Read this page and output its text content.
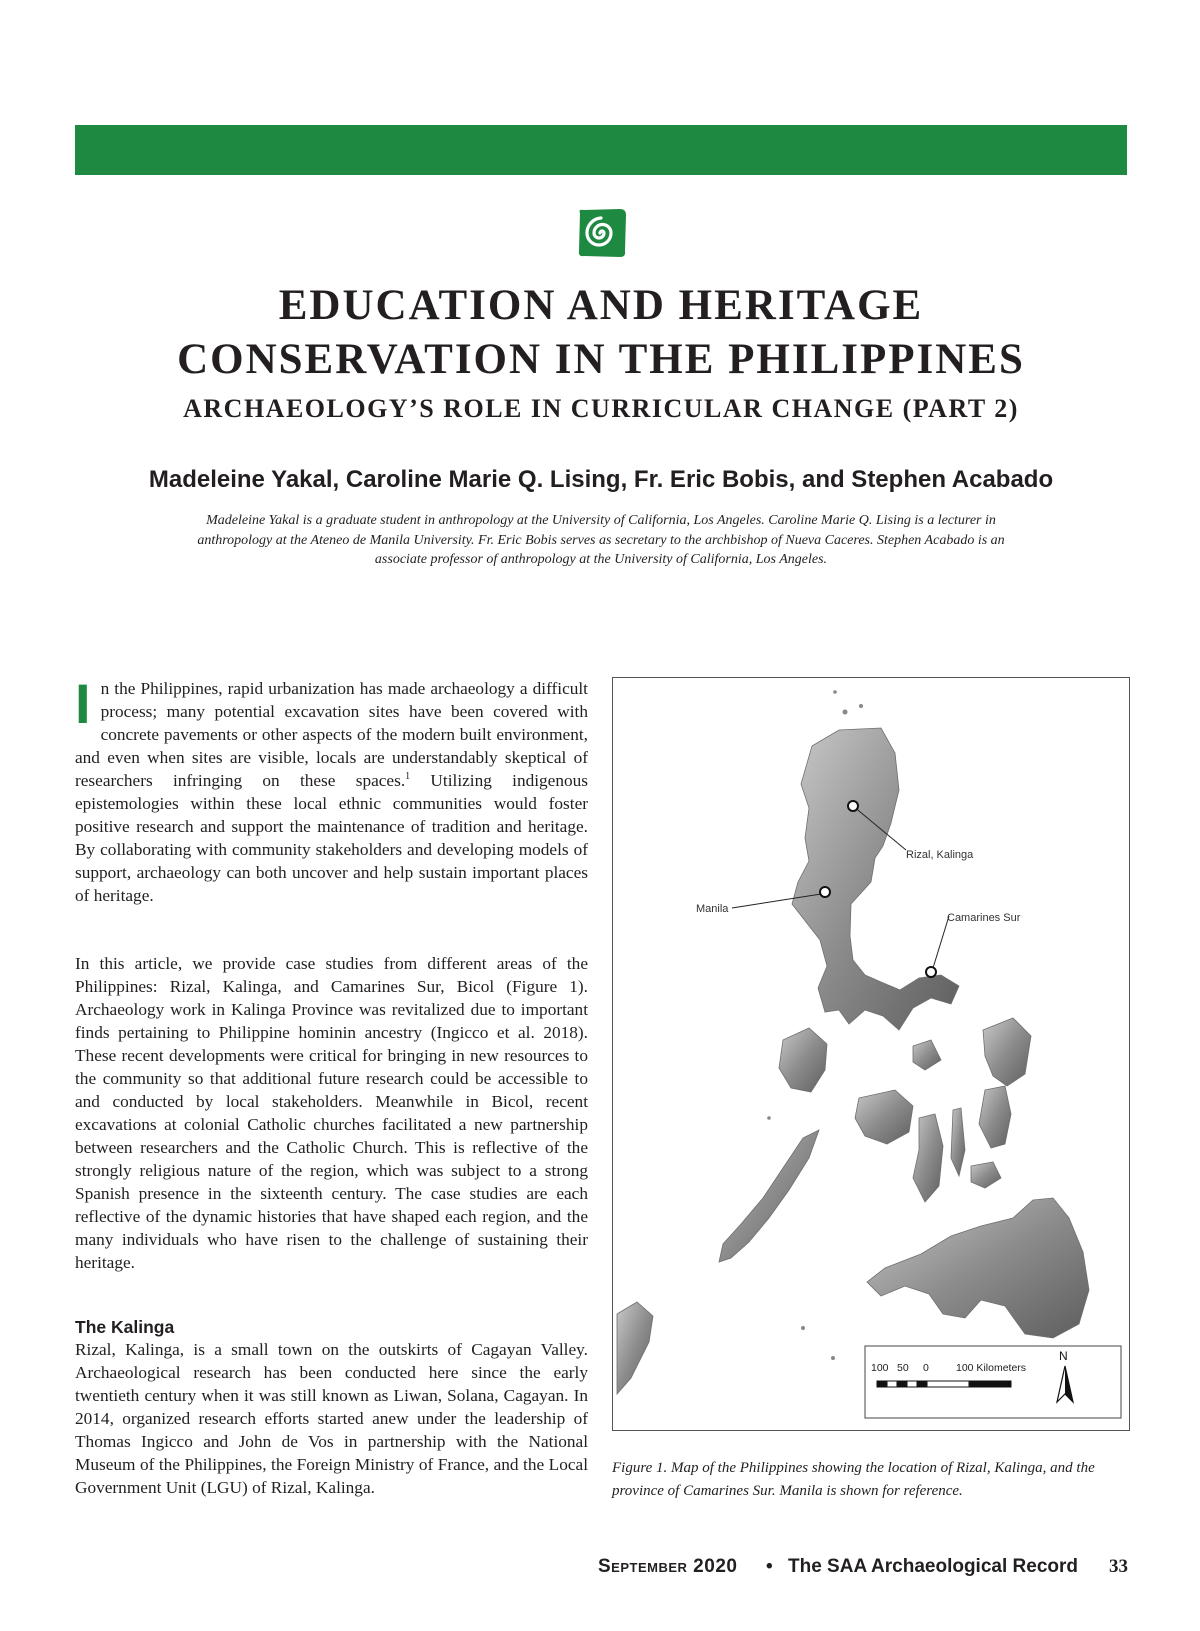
EDUCATION AND HERITAGE
CONSERVATION IN THE PHILIPPINES
ARCHAEOLOGY’S ROLE IN CURRICULAR CHANGE (PART 2)
Madeleine Yakal, Caroline Marie Q. Lising, Fr. Eric Bobis, and Stephen Acabado

Madeleine Yakal is a graduate student in anthropology at the University of California, Los Angeles. Caroline Marie Q. Lising is a lecturer in anthropology at the Ateneo de Manila University. Fr. Eric Bobis serves as secretary to the archbishop of Nueva Caceres. Stephen Acabado is an associate professor of anthropology at the University of California, Los Angeles.

In the Philippines, rapid urbanization has made archaeology a difficult process; many potential excavation sites have been covered with concrete pavements or other aspects of the modern built environment, and even when sites are visible, locals are understandably skeptical of researchers infringing on these spaces.$^1$ Utilizing indigenous epistemologies within these local ethnic communities would foster positive research and support the maintenance of tradition and heritage. By collaborating with community stakeholders and developing models of support, archaeology can both uncover and help sustain important places of heritage.

In this article, we provide case studies from different areas of the Philippines: Rizal, Kalinga, and Camarines Sur, Bicol (Figure 1). Archaeology work in Kalinga Province was revitalized due to important finds pertaining to Philippine hominin ancestry (Ingicco et al. 2018). These recent developments were critical for bringing in new resources to the community so that additional future research could be accessible to and conducted by local stakeholders. Meanwhile in Bicol, recent excavations at colonial Catholic churches facilitated a new partnership between researchers and the Catholic Church. This is reflective of the strongly religious nature of the region, which was subject to a strong Spanish presence in the sixteenth century. The case studies are each reflective of the dynamic histories that have shaped each region, and the many individuals who have risen to the challenge of sustaining their heritage.

The Kalinga

Rizal, Kalinga, is a small town on the outskirts of Cagayan Valley. Archaeological research has been conducted here since the early twentieth century when it was still known as Liwan, Solana, Cagayan. In 2014, organized research efforts started anew under the leadership of Thomas Ingicco and John de Vos in partnership with the National Museum of the Philippines, the Foreign Ministry of France, and the Local Government Unit (LGU) of Rizal, Kalinga.

Rizal, Kalinga
Manila
Camarines Sur
100 50 0	100 Kilometers
N

Figure 1. Map of the Philippines showing the location of Rizal, Kalinga, and the province of Camarines Sur. Manila is shown for reference.

September 2020 • The SAA Archaeological Record 33
